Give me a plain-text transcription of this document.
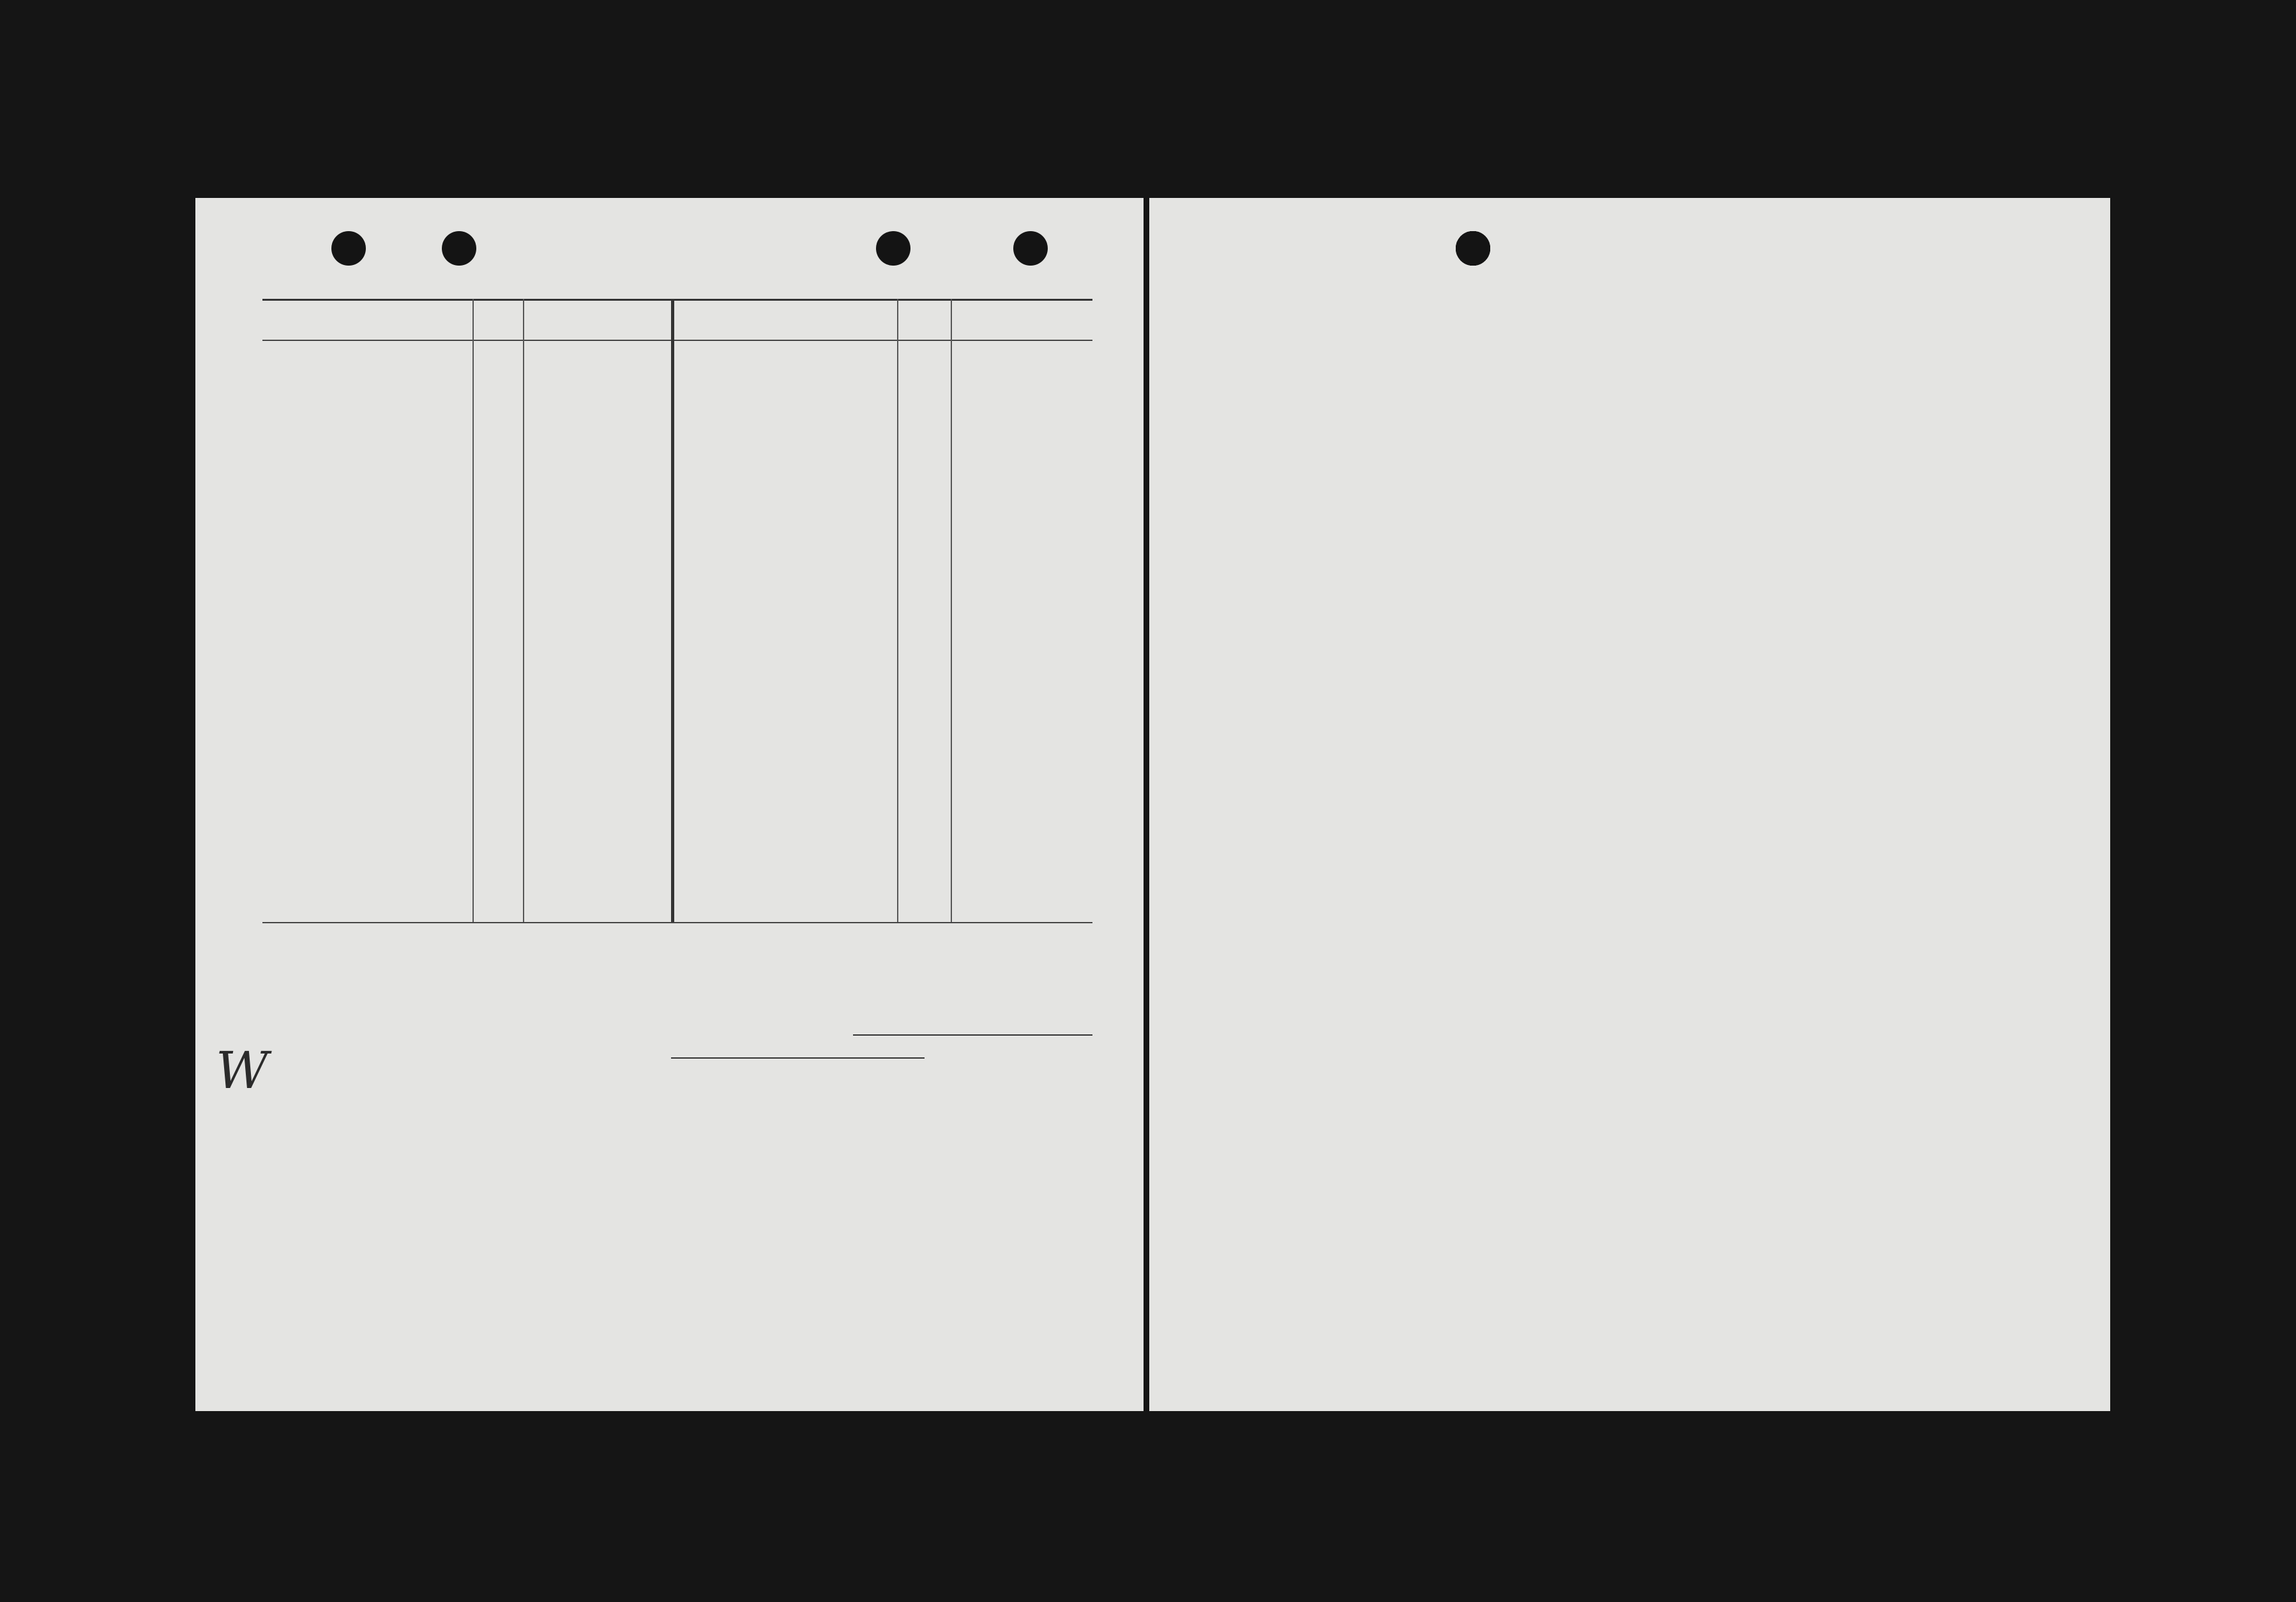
W
